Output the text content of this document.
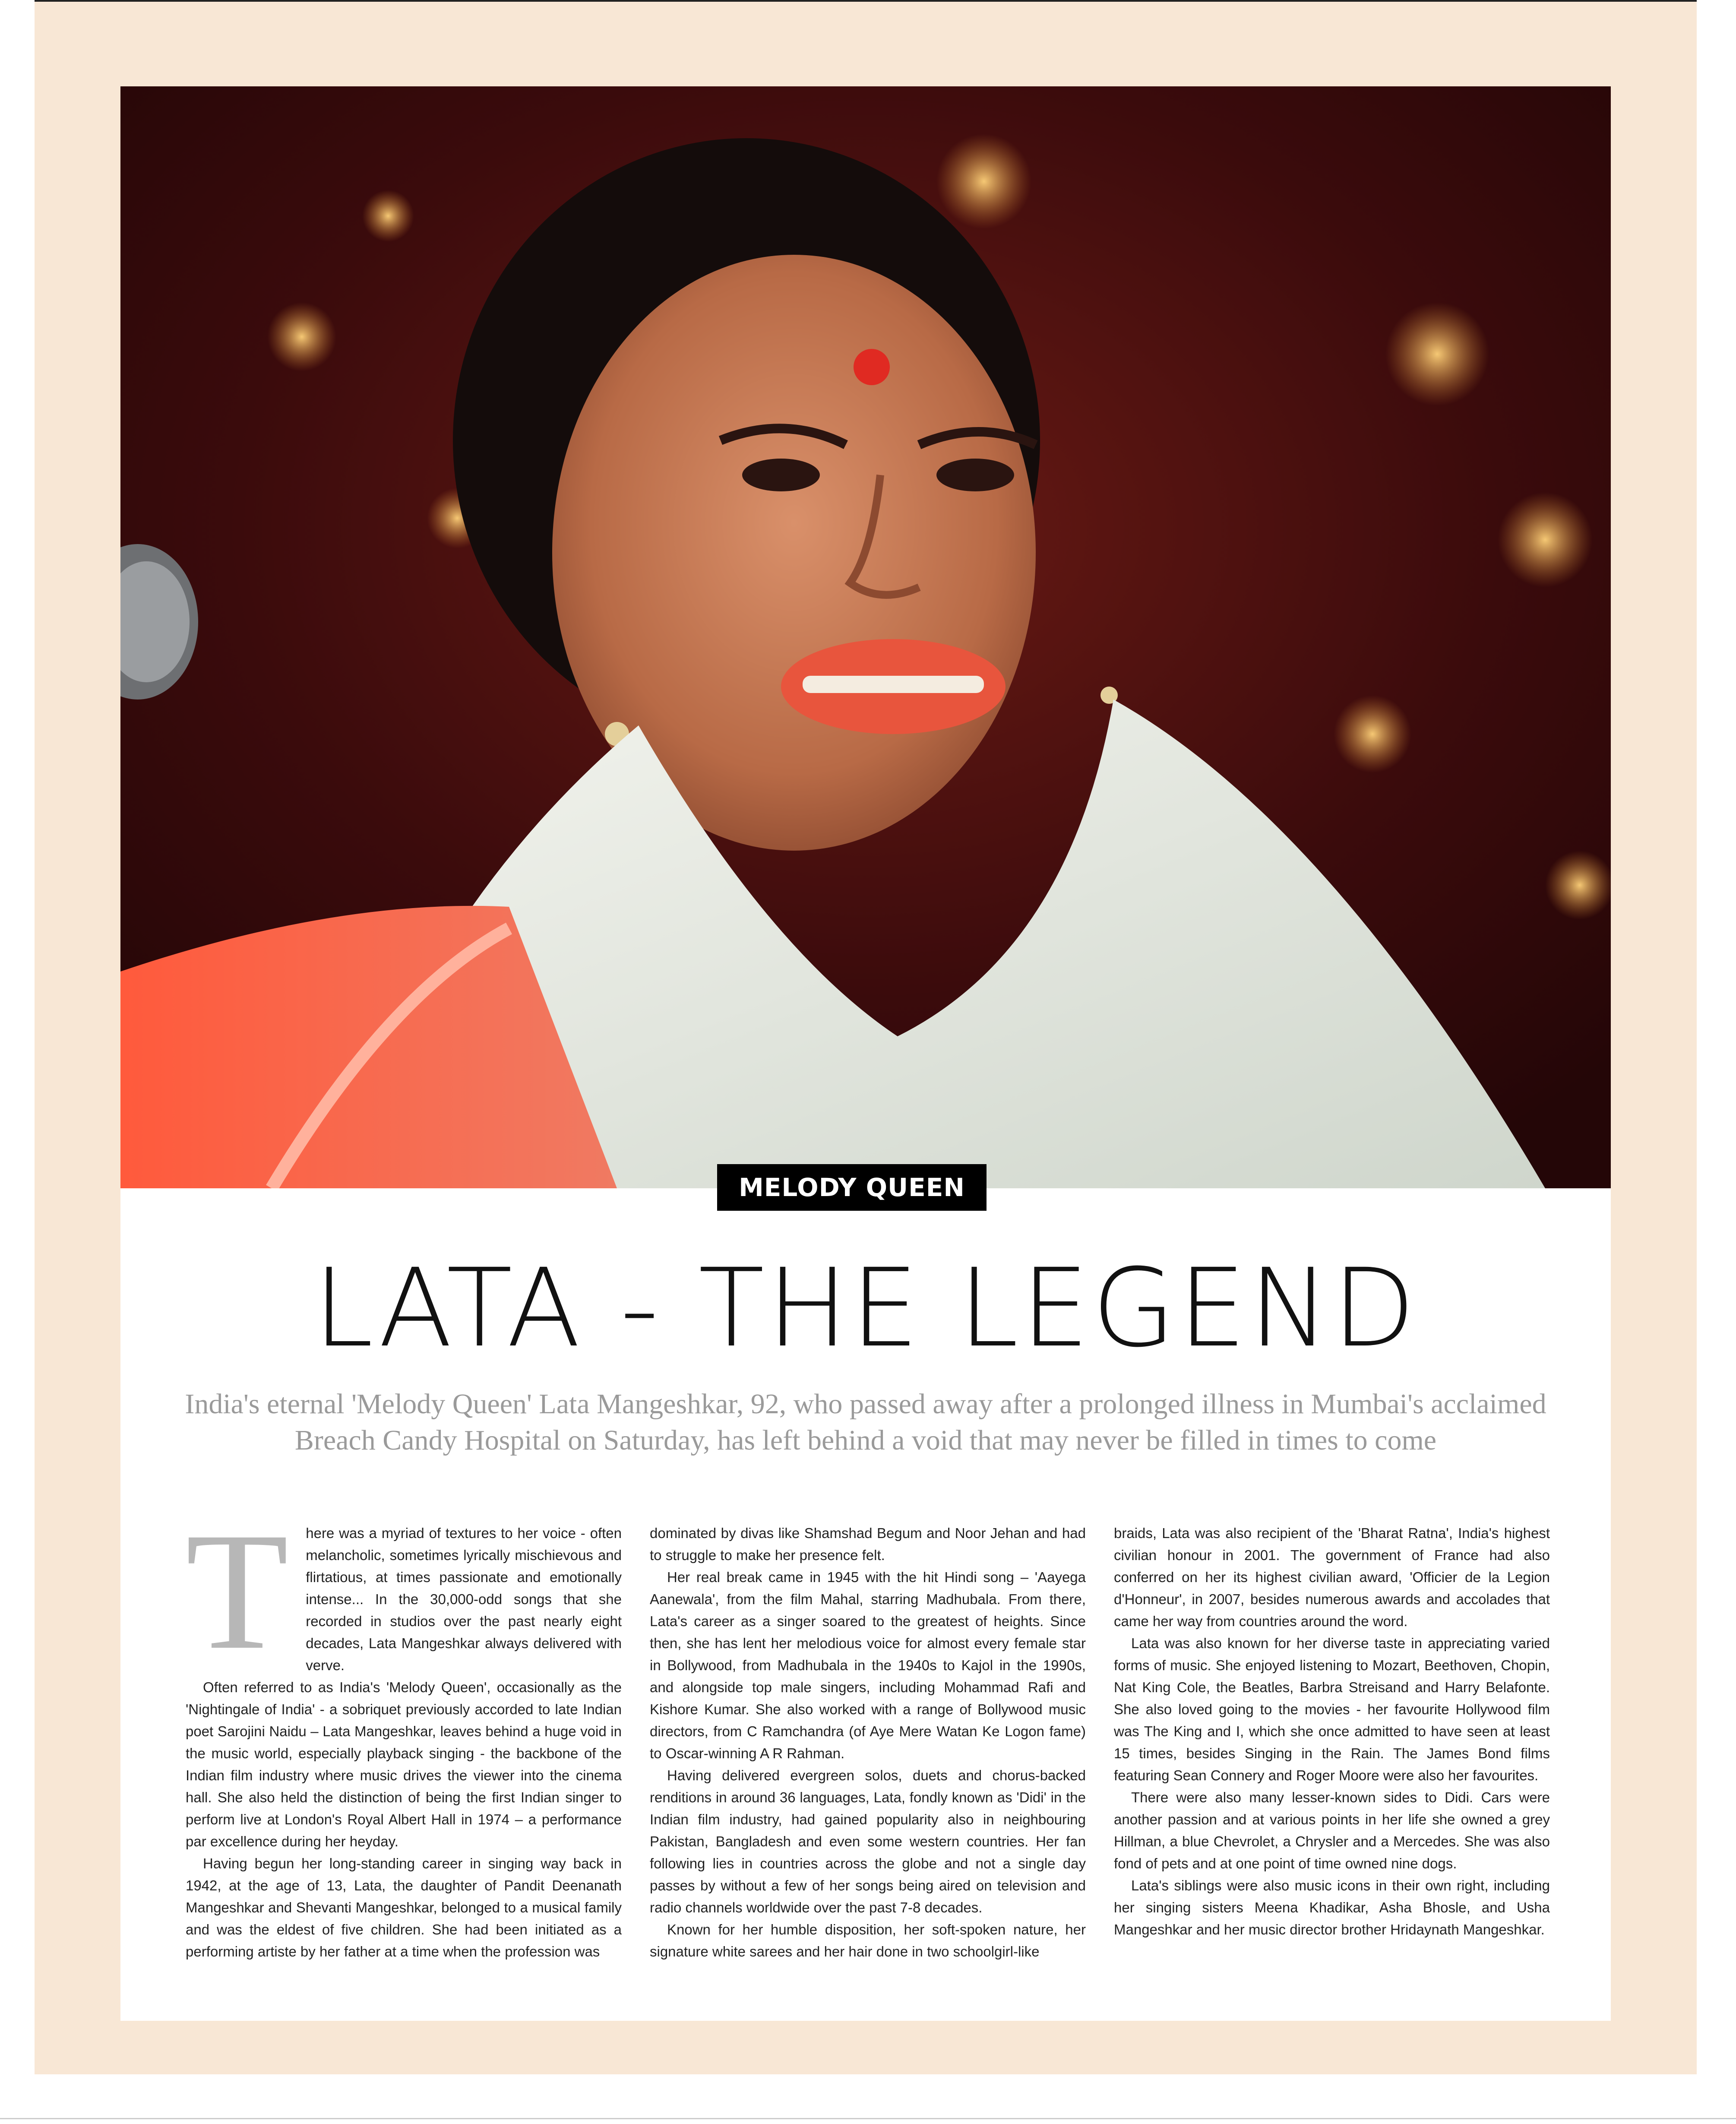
MELODY QUEEN
LATA - THE LEGEND
India's eternal 'Melody Queen' Lata Mangeshkar, 92, who passed away after a prolonged illness in Mumbai's acclaimed Breach Candy Hospital on Saturday, has left behind a void that may never be filled in times to come

T here was a myriad of textures to her voice - often melancholic, sometimes lyrically mischievous and flirtatious, at times passionate and emotionally intense... In the 30,000-odd songs that she recorded in studios over the past nearly eight decades, Lata Mangeshkar always delivered with verve.

Often referred to as India's 'Melody Queen', occasionally as the 'Nightingale of India' - a sobriquet previously accorded to late Indian poet Sarojini Naidu – Lata Mangeshkar, leaves behind a huge void in the music world, especially playback singing - the backbone of the Indian film industry where music drives the viewer into the cinema hall. She also held the distinction of being the first Indian singer to perform live at London's Royal Albert Hall in 1974 – a performance par excellence during her heyday.

Having begun her long-standing career in singing way back in 1942, at the age of 13, Lata, the daughter of Pandit Deenanath Mangeshkar and Shevanti Mangeshkar, belonged to a musical family and was the eldest of five children. She had been initiated as a performing artiste by her father at a time when the profession was

dominated by divas like Shamshad Begum and Noor Jehan and had to struggle to make her presence felt.

Her real break came in 1945 with the hit Hindi song – 'Aayega Aanewala', from the film Mahal, starring Madhubala. From there, Lata's career as a singer soared to the greatest of heights. Since then, she has lent her melodious voice for almost every female star in Bollywood, from Madhubala in the 1940s to Kajol in the 1990s, and alongside top male singers, including Mohammad Rafi and Kishore Kumar. She also worked with a range of Bollywood music directors, from C Ramchandra (of Aye Mere Watan Ke Logon fame) to Oscar-winning A R Rahman.

Having delivered evergreen solos, duets and chorus-backed renditions in around 36 languages, Lata, fondly known as 'Didi' in the Indian film industry, had gained popularity also in neighbouring Pakistan, Bangladesh and even some western countries. Her fan following lies in countries across the globe and not a single day passes by without a few of her songs being aired on television and radio channels worldwide over the past 7-8 decades.

Known for her humble disposition, her soft-spoken nature, her signature white sarees and her hair done in two schoolgirl-like

braids, Lata was also recipient of the 'Bharat Ratna', India's highest civilian honour in 2001. The government of France had also conferred on her its highest civilian award, 'Officier de la Legion d'Honneur', in 2007, besides numerous awards and accolades that came her way from countries around the word.

Lata was also known for her diverse taste in appreciating varied forms of music. She enjoyed listening to Mozart, Beethoven, Chopin, Nat King Cole, the Beatles, Barbra Streisand and Harry Belafonte. She also loved going to the movies - her favourite Hollywood film was The King and I, which she once admitted to have seen at least 15 times, besides Singing in the Rain. The James Bond films featuring Sean Connery and Roger Moore were also her favourites.

There were also many lesser-known sides to Didi. Cars were another passion and at various points in her life she owned a grey Hillman, a blue Chevrolet, a Chrysler and a Mercedes. She was also fond of pets and at one point of time owned nine dogs.

Lata's siblings were also music icons in their own right, including her singing sisters Meena Khadikar, Asha Bhosle, and Usha Mangeshkar and her music director brother Hridaynath Mangeshkar.
